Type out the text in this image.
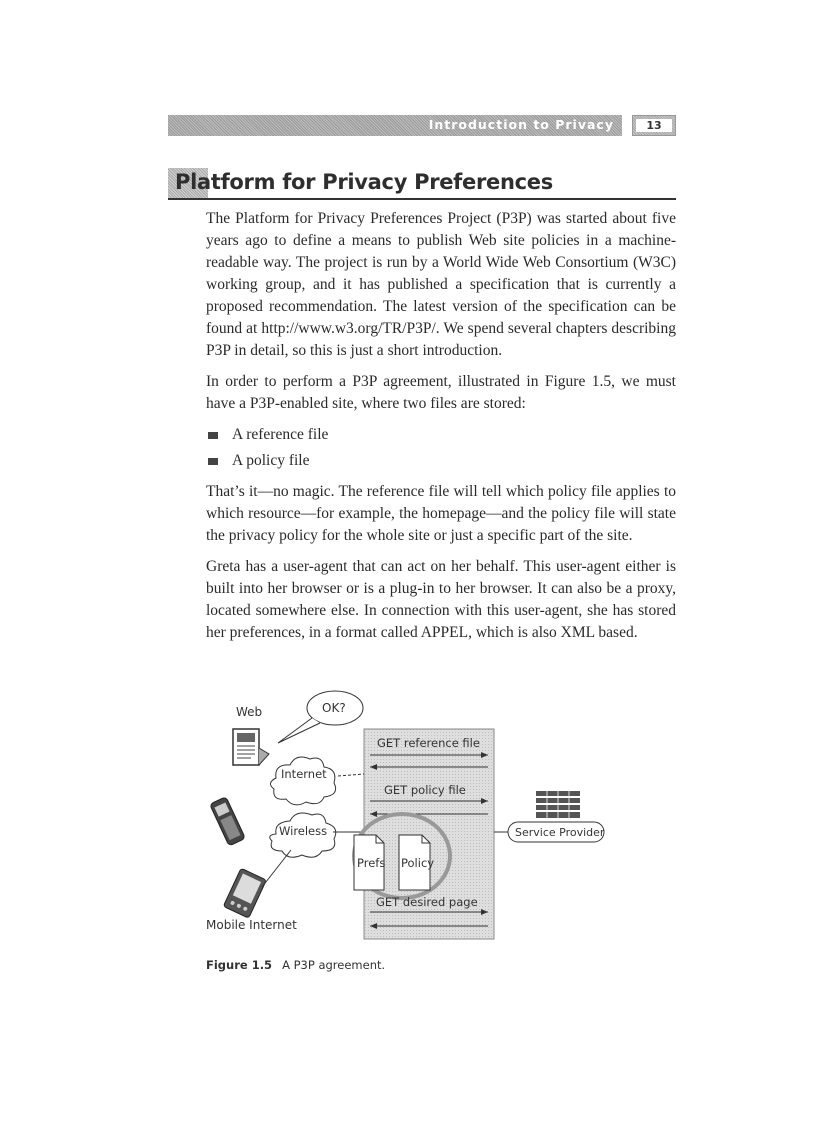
Introduction to Privacy	13
Platform for Privacy Preferences

The Platform for Privacy Preferences Project (P3P) was started about five years ago to define a means to publish Web site policies in a machine-readable way. The project is run by a World Wide Web Consortium (W3C) working group, and it has published a specification that is currently a proposed recommendation. The latest version of the specification can be found at http://www.w3.org/TR/P3P/. We spend several chapters describing P3P in detail, so this is just a short introduction.

In order to perform a P3P agreement, illustrated in Figure 1.5, we must have a P3P-enabled site, where two files are stored:

A reference file
A policy file

That’s it—no magic. The reference file will tell which policy file applies to which resource—for example, the homepage—and the policy file will state the privacy policy for the whole site or just a specific part of the site.

Greta has a user-agent that can act on her behalf. This user-agent either is built into her browser or is a plug-in to her browser. It can also be a proxy, located somewhere else. In connection with this user-agent, she has stored her preferences, in a format called APPEL, which is also XML based.

Web	OK?
Internet
GET reference file
GET policy file
Wireless	Service Provider
Prefs Policy
GET desired page
Mobile Internet
Figure 1.5 A P3P agreement.
